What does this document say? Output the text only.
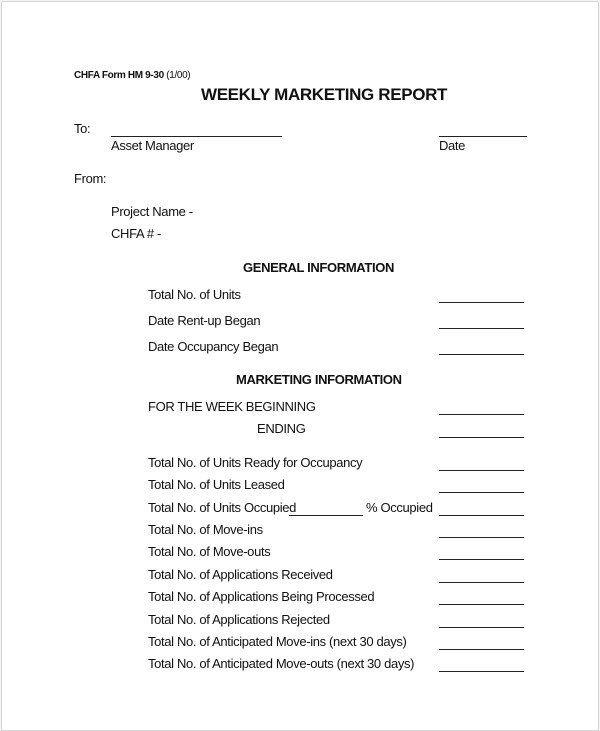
CHFA Form HM 9-30 (1/00)
WEEKLY MARKETING REPORT
To:
Asset Manager	Date
From:
Project Name -
CHFA # -
GENERAL INFORMATION
Total No. of Units
Date Rent-up Began
Date Occupancy Began
MARKETING INFORMATION
FOR THE WEEK BEGINNING
ENDING
Total No. of Units Ready for Occupancy
Total No. of Units Leased
Total No. of Units Occupied	% Occupied
Total No. of Move-ins
Total No. of Move-outs
Total No. of Applications Received
Total No. of Applications Being Processed
Total No. of Applications Rejected
Total No. of Anticipated Move-ins (next 30 days)
Total No. of Anticipated Move-outs (next 30 days)
